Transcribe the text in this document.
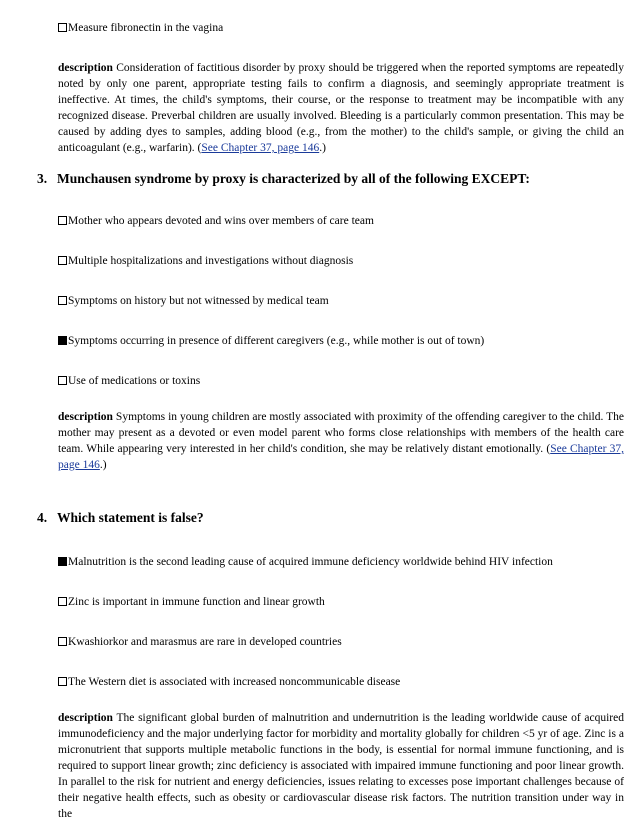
Measure fibronectin in the vagina
description Consideration of factitious disorder by proxy should be triggered when the reported symptoms are repeatedly noted by only one parent, appropriate testing fails to confirm a diagnosis, and seemingly appropriate treatment is ineffective. At times, the child's symptoms, their course, or the response to treatment may be incompatible with any recognized disease. Preverbal children are usually involved. Bleeding is a particularly common presentation. This may be caused by adding dyes to samples, adding blood (e.g., from the mother) to the child's sample, or giving the child an anticoagulant (e.g., warfarin). (See Chapter 37, page 146.)
3. Munchausen syndrome by proxy is characterized by all of the following EXCEPT:
Mother who appears devoted and wins over members of care team
Multiple hospitalizations and investigations without diagnosis
Symptoms on history but not witnessed by medical team
Symptoms occurring in presence of different caregivers (e.g., while mother is out of town)
Use of medications or toxins
description Symptoms in young children are mostly associated with proximity of the offending caregiver to the child. The mother may present as a devoted or even model parent who forms close relationships with members of the health care team. While appearing very interested in her child's condition, she may be relatively distant emotionally. (See Chapter 37, page 146.)
4. Which statement is false?
Malnutrition is the second leading cause of acquired immune deficiency worldwide behind HIV infection
Zinc is important in immune function and linear growth
Kwashiorkor and marasmus are rare in developed countries
The Western diet is associated with increased noncommunicable disease
description The significant global burden of malnutrition and undernutrition is the leading worldwide cause of acquired immunodeficiency and the major underlying factor for morbidity and mortality globally for children <5 yr of age. Zinc is a micronutrient that supports multiple metabolic functions in the body, is essential for normal immune functioning, and is required to support linear growth; zinc deficiency is associated with impaired immune functioning and poor linear growth. In parallel to the risk for nutrient and energy deficiencies, issues relating to excesses pose important challenges because of their negative health effects, such as obesity or cardiovascular disease risk factors. The nutrition transition under way in the
